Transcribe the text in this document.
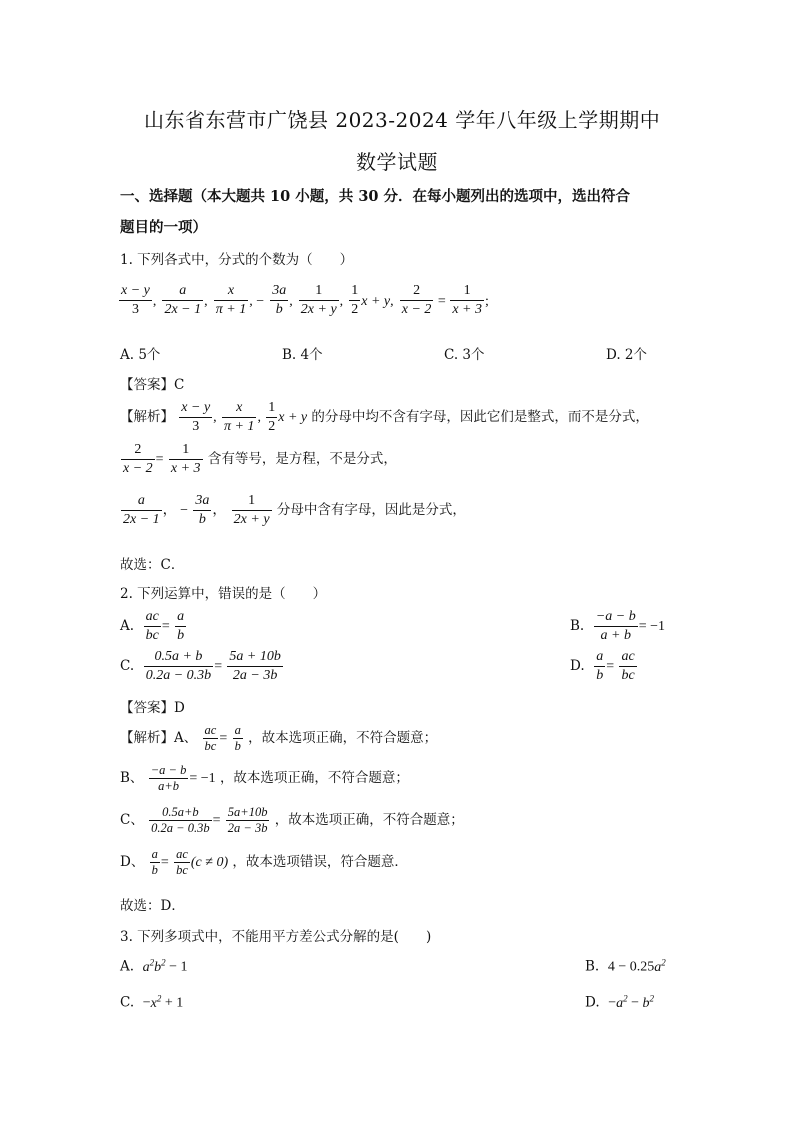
山东省东营市广饶县 2023-2024 学年八年级上学期期中
数学试题
一、选择题（本大题共 10 小题，共 30 分．在每小题列出的选项中，选出符合
题目的一项）
1. 下列各式中，分式的个数为（　　）
$\frac{x - y}{3}$ , $\frac{a}{2x - 1}$ , $\frac{x}{\pi + 1}$ , − $\frac{3a}{b}$ , $\frac{1}{2x + y}$ , $\frac{1}{2}$ x + y, $\frac{2}{x - 2} = \frac{1}{x + 3}$ ;
A. 5个	B. 4个	C. 3个	D. 2个
【答案】C
【解析】 $\frac{x - y}{3}$ , $\frac{x}{\pi + 1}$ , $\frac{1}{2}$ x + y 的分母中均不含有字母，因此它们是整式，而不是分式，
$\frac{2}{x - 2} = \frac{1}{x + 3}$ 含有等号，是方程，不是分式，
$\frac{a}{2x - 1}$ ， − $\frac{3a}{b}$ ， $\frac{1}{2x + y}$ 分母中含有字母，因此是分式，
故选：C．
2. 下列运算中，错误的是（　　）
A. $\frac{ac}{bc} = \frac{a}{b}$	B. $\frac{-a - b}{a + b} = -1$
C. $\frac{0.5a + b}{0.2a - 0.3b} = \frac{5a + 10b}{2a - 3b}$	D. $\frac{a}{b} = \frac{ac}{bc}$
【答案】D
【解析】A、 $\frac{ac}{bc} = \frac{a}{b}$ ，故本选项正确，不符合题意；
B、 $\frac{-a - b}{a+b} = -1$ ，故本选项正确，不符合题意；
C、 $\frac{0.5a+b}{0.2a - 0.3b} = \frac{5a+10b}{2a - 3b}$ ，故本选项正确，不符合题意；
D、 $\frac{a}{b} = \frac{ac}{bc} (c \ne 0)$ ，故本选项错误，符合题意．
故选：D．
3. 下列多项式中，不能用平方差公式分解的是(　　)
A. $a^2b^2 - 1$	B. $4 - 0.25a^2$
C. $-x^2 + 1$	D. $-a^2 - b^2$
